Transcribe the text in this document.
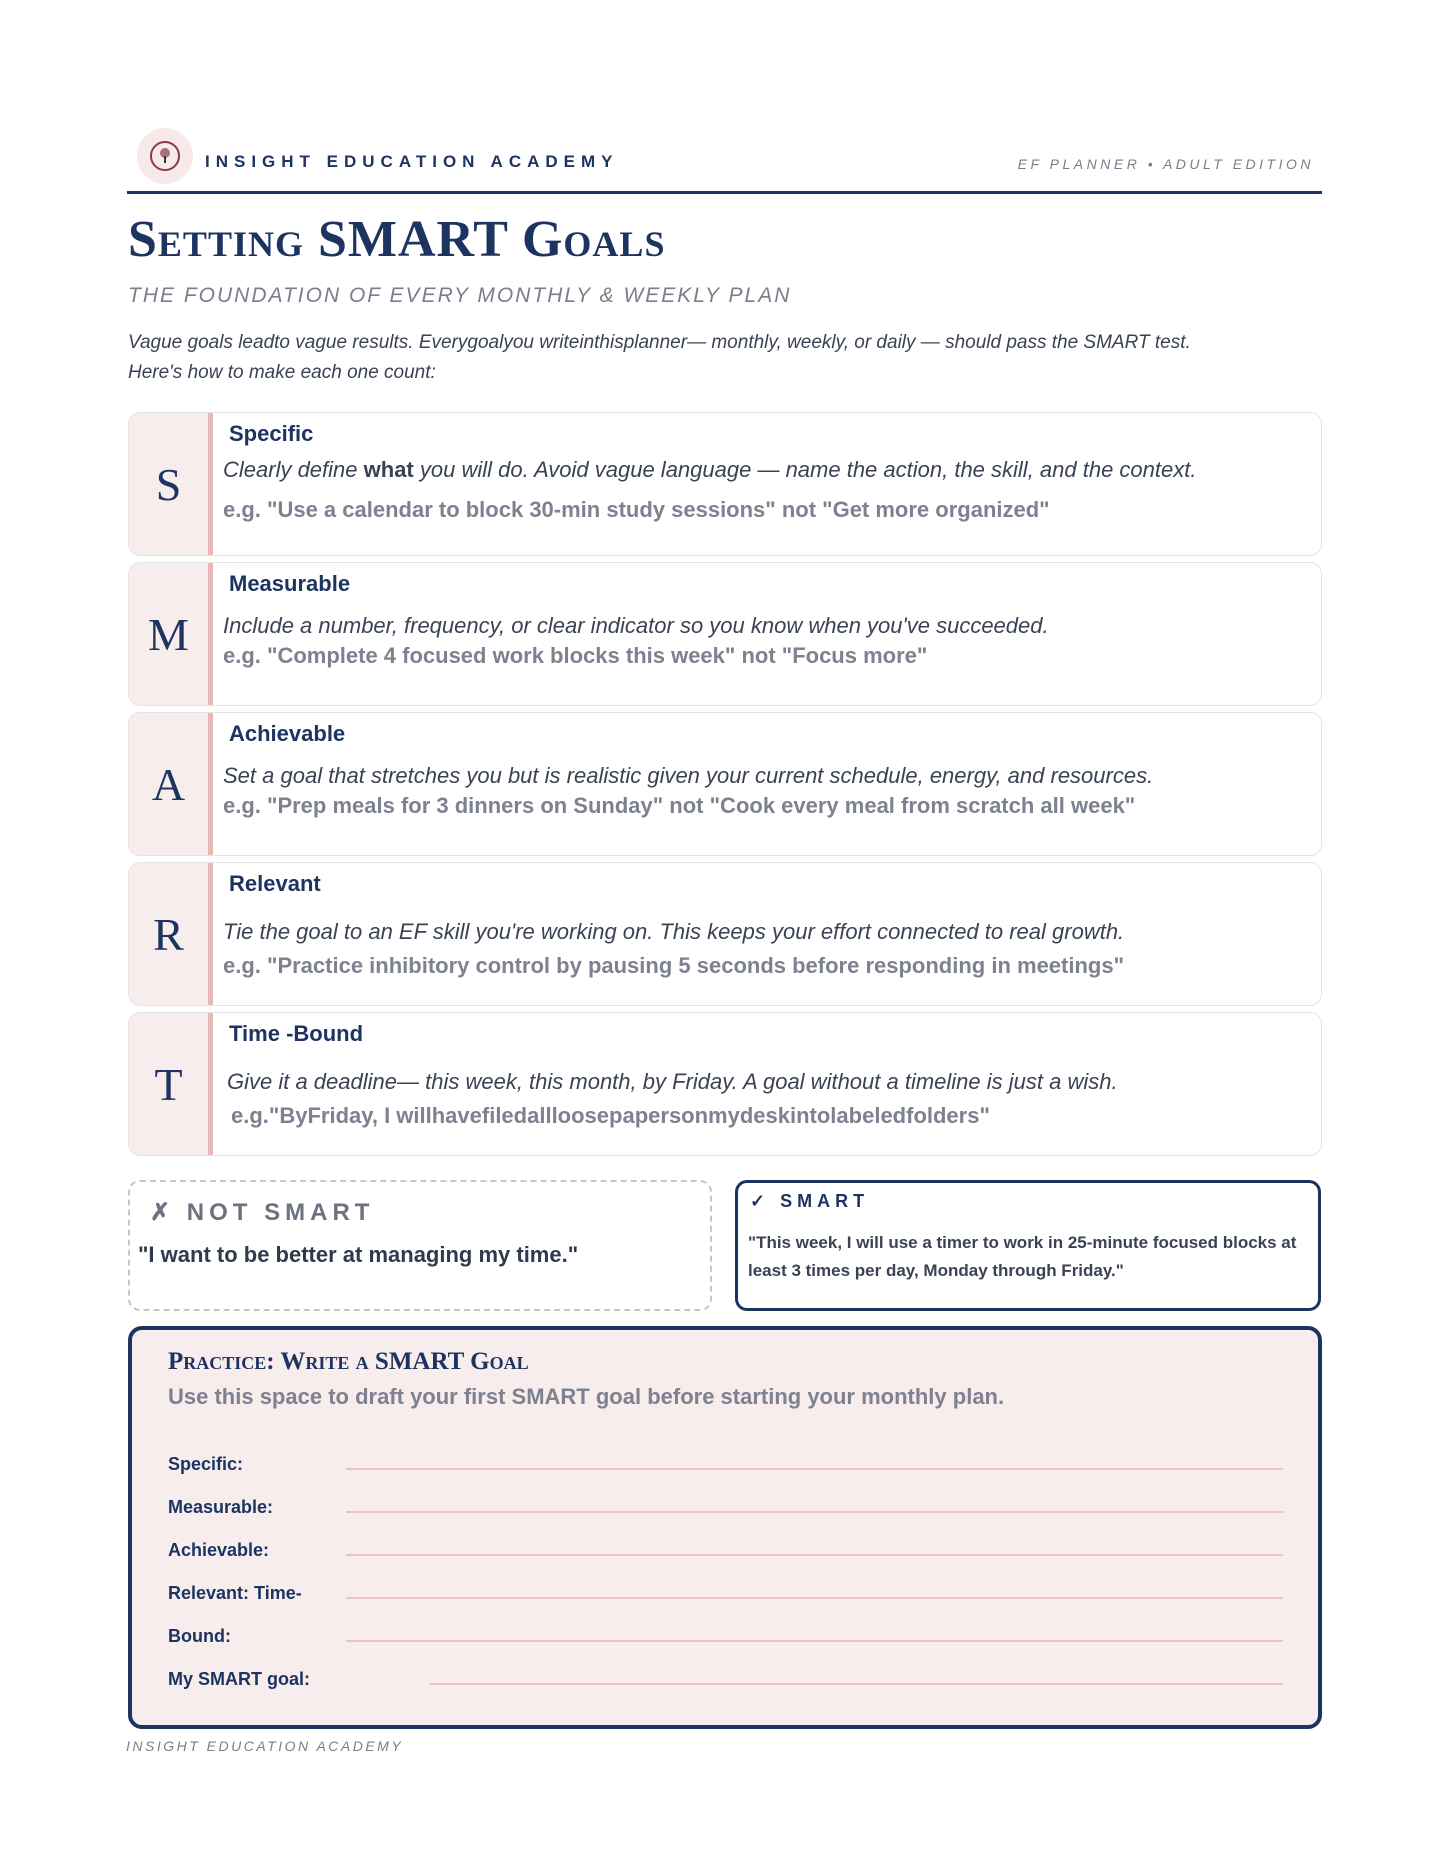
INSIGHT EDUCATION ACADEMY	EF PLANNER • ADULT EDITION
Setting SMART Goals
THE FOUNDATION OF EVERY MONTHLY & WEEKLY PLAN
Vague goals leadto vague results. Everygoalyou writeinthisplanner— monthly, weekly, or daily — should pass the SMART test. Here's how to make each one count:
S
Specific
Clearly define what you will do. Avoid vague language — name the action, the skill, and the context.
e.g. "Use a calendar to block 30-min study sessions" not "Get more organized"
M
Measurable
Include a number, frequency, or clear indicator so you know when you've succeeded.
e.g. "Complete 4 focused work blocks this week" not "Focus more"
A
Achievable
Set a goal that stretches you but is realistic given your current schedule, energy, and resources.
e.g. "Prep meals for 3 dinners on Sunday" not "Cook every meal from scratch all week"
R
Relevant
Tie the goal to an EF skill you're working on. This keeps your effort connected to real growth.
e.g. "Practice inhibitory control by pausing 5 seconds before responding in meetings"
T
Time -Bound
Give it a deadline— this week, this month, by Friday. A goal without a timeline is just a wish.
e.g."ByFriday, I willhavefiledallloosepapersonmydeskintolabeledfolders"
✗ NOT SMART
"I want to be better at managing my time."
✓ SMART
"This week, I will use a timer to work in 25-minute focused blocks at least 3 times per day, Monday through Friday."
Practice: Write a SMART Goal
Use this space to draft your first SMART goal before starting your monthly plan.
Specific:
Measurable:
Achievable:
Relevant: Time-
Bound:
My SMART goal:
INSIGHT EDUCATION ACADEMY
